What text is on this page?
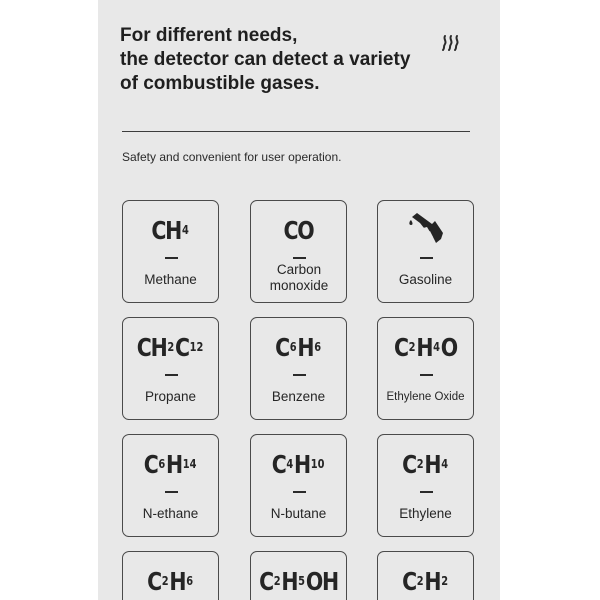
For different needs,
the detector can detect a variety
of combustible gases.
Safety and convenient for user operation.
CH 4
Methane
CO
Carbon monoxide	Gasoline
CH 2 C 12
Propane
C 6 H 6
Benzene
C 2 H 4 O
Ethylene Oxide
C 6 H 14
N-ethane
C 4 H 10
N-butane
C 2 H 4
Ethylene
C 2 H 6	C 2 H 5 OH	C 2 H 2
